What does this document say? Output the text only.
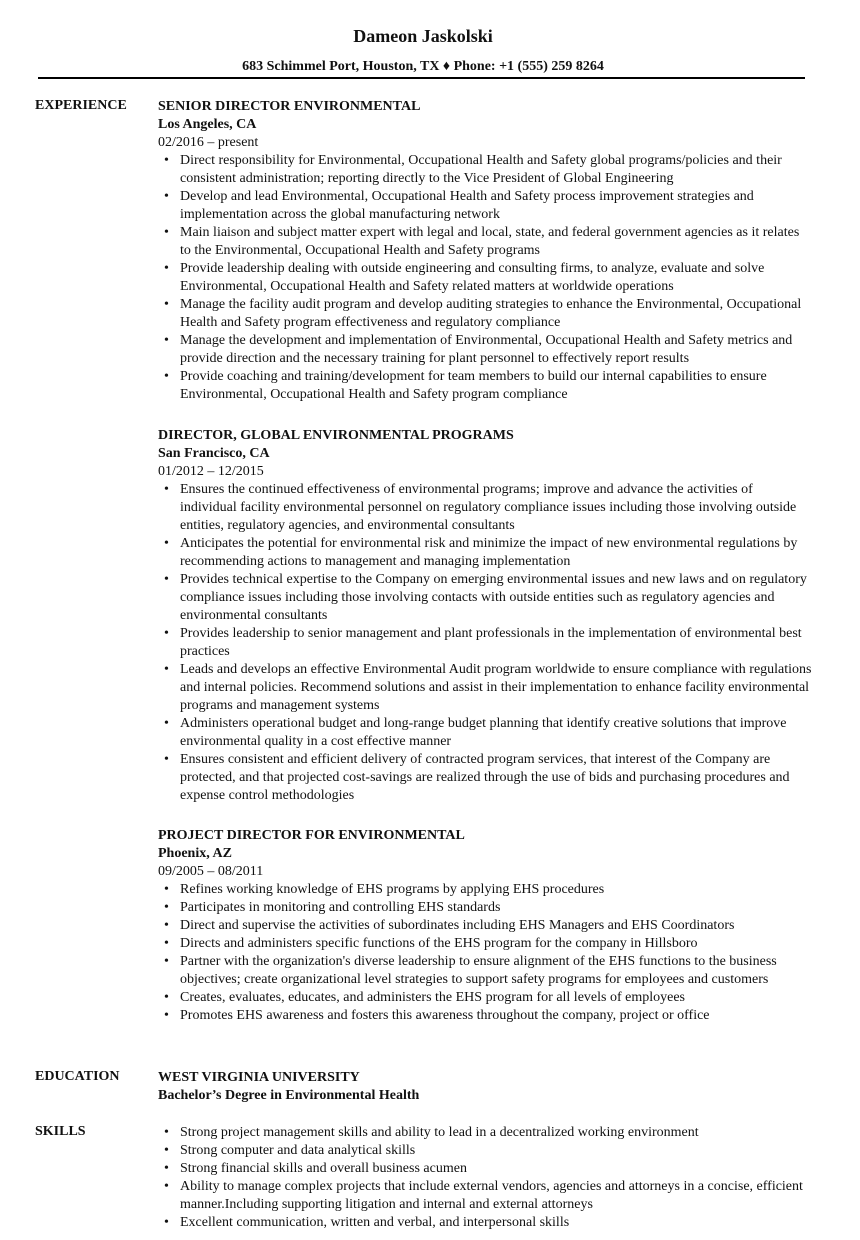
Dameon Jaskolski
683 Schimmel Port, Houston, TX ♦ Phone: +1 (555) 259 8264
EXPERIENCE SENIOR DIRECTOR ENVIRONMENTAL
Los Angeles, CA
02/2016 – present
• Direct responsibility for Environmental, Occupational Health and Safety global programs/policies and their consistent administration; reporting directly to the Vice President of Global Engineering
• Develop and lead Environmental, Occupational Health and Safety process improvement strategies and implementation across the global manufacturing network
• Main liaison and subject matter expert with legal and local, state, and federal government agencies as it relates to the Environmental, Occupational Health and Safety programs
• Provide leadership dealing with outside engineering and consulting firms, to analyze, evaluate and solve Environmental, Occupational Health and Safety related matters at worldwide operations
• Manage the facility audit program and develop auditing strategies to enhance the Environmental, Occupational Health and Safety program effectiveness and regulatory compliance
• Manage the development and implementation of Environmental, Occupational Health and Safety metrics and provide direction and the necessary training for plant personnel to effectively report results
• Provide coaching and training/development for team members to build our internal capabilities to ensure Environmental, Occupational Health and Safety program compliance
DIRECTOR, GLOBAL ENVIRONMENTAL PROGRAMS
San Francisco, CA
01/2012 – 12/2015
• Ensures the continued effectiveness of environmental programs; improve and advance the activities of individual facility environmental personnel on regulatory compliance issues including those involving outside entities, regulatory agencies, and environmental consultants
• Anticipates the potential for environmental risk and minimize the impact of new environmental regulations by recommending actions to management and managing implementation
• Provides technical expertise to the Company on emerging environmental issues and new laws and on regulatory compliance issues including those involving contacts with outside entities such as regulatory agencies and environmental consultants
• Provides leadership to senior management and plant professionals in the implementation of environmental best practices
• Leads and develops an effective Environmental Audit program worldwide to ensure compliance with regulations and internal policies. Recommend solutions and assist in their implementation to enhance facility environmental programs and management systems
• Administers operational budget and long-range budget planning that identify creative solutions that improve environmental quality in a cost effective manner
• Ensures consistent and efficient delivery of contracted program services, that interest of the Company are protected, and that projected cost-savings are realized through the use of bids and purchasing procedures and expense control methodologies
PROJECT DIRECTOR FOR ENVIRONMENTAL
Phoenix, AZ
09/2005 – 08/2011
• Refines working knowledge of EHS programs by applying EHS procedures
• Participates in monitoring and controlling EHS standards
• Direct and supervise the activities of subordinates including EHS Managers and EHS Coordinators
• Directs and administers specific functions of the EHS program for the company in Hillsboro
• Partner with the organization's diverse leadership to ensure alignment of the EHS functions to the business objectives; create organizational level strategies to support safety programs for employees and customers
• Creates, evaluates, educates, and administers the EHS program for all levels of employees
• Promotes EHS awareness and fosters this awareness throughout the company, project or office
EDUCATION	WEST VIRGINIA UNIVERSITY
Bachelor’s Degree in Environmental Health
SKILLS	• Strong project management skills and ability to lead in a decentralized working environment
• Strong computer and data analytical skills
• Strong financial skills and overall business acumen
• Ability to manage complex projects that include external vendors, agencies and attorneys in a concise, efficient manner.Including supporting litigation and internal and external attorneys
• Excellent communication, written and verbal, and interpersonal skills
